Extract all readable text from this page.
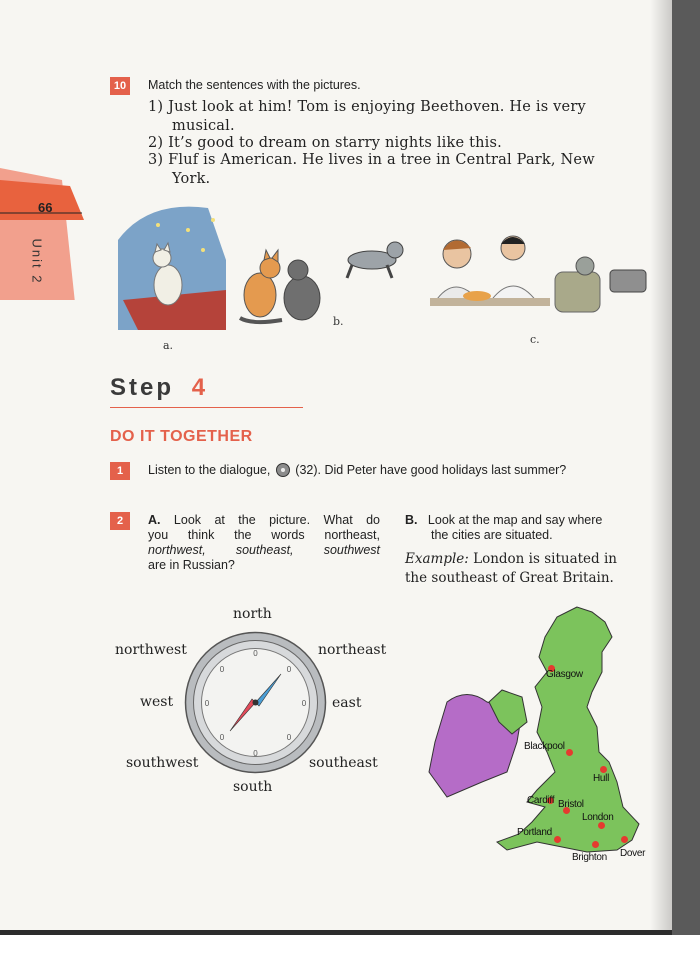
66
Unit 2
10	Match the sentences with the pictures.
1) Just look at him! Tom is enjoying Beethoven. He is very
musical.
2) It’s good to dream on starry nights like this.
3) Fluf is American. He lives in a tree in Central Park, New
York.
a.
b.
c.
Step 4
DO IT TOGETHER
1	Listen to the dialogue, (32). Did Peter have good holidays last summer?
2	A. Look at the picture. What do
you think the words northeast,
northwest, southeast, southwest
are in Russian?
B. Look at the map and say where
the cities are situated.
Example: London is situated in
the southeast of Great Britain.
north
northwest	northeast
west	east
southwest	southeast
south
0
0
0	0
0	0
0	0
Glasgow
Blackpool
Hull
Cardiff Bristol
London
Portland
Brighton Dover
